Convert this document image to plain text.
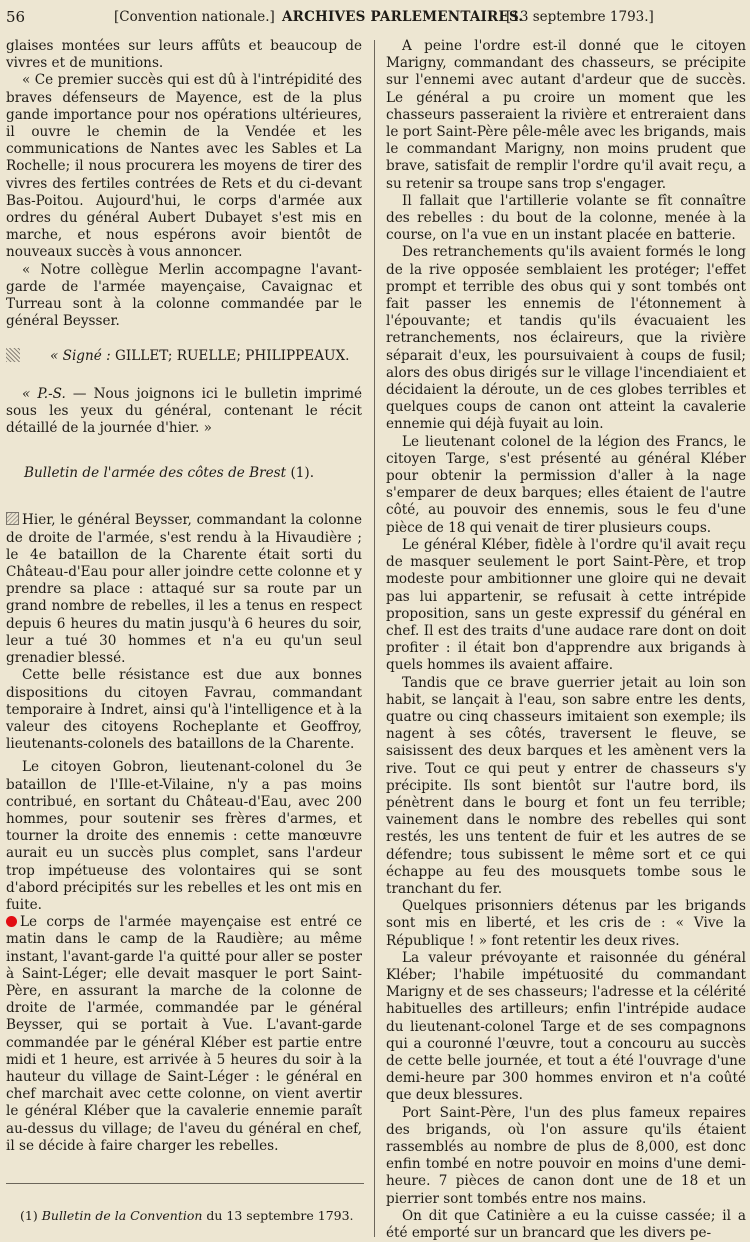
56	[Convention nationale.] ARCHIVES PARLEMENTAIRES.
[13 septembre 1793.]

glaises montées sur leurs affûts et beaucoup de vivres et de munitions.

« Ce premier succès qui est dû à l'intrépidité des braves défenseurs de Mayence, est de la plus gande importance pour nos opérations ultérieures, il ouvre le chemin de la Vendée et les communications de Nantes avec les Sables et La Rochelle; il nous procurera les moyens de tirer des vivres des fertiles contrées de Rets et du ci-devant Bas-Poitou. Aujourd'hui, le corps d'armée aux ordres du général Aubert Dubayet s'est mis en marche, et nous espérons avoir bientôt de nouveaux succès à vous annoncer.

« Notre collègue Merlin accompagne l'avant-garde de l'armée mayençaise, Cavaignac et Turreau sont à la colonne commandée par le général Beysser.

« Signé : GILLET; RUELLE; PHILIPPEAUX.

« P.-S. — Nous joignons ici le bulletin imprimé sous les yeux du général, contenant le récit détaillé de la journée d'hier. »

Bulletin de l'armée des côtes de Brest (1).

Hier, le général Beysser, commandant la colonne de droite de l'armée, s'est rendu à la Hivaudière ; le 4e bataillon de la Charente était sorti du Château-d'Eau pour aller joindre cette colonne et y prendre sa place : attaqué sur sa route par un grand nombre de rebelles, il les a tenus en respect depuis 6 heures du matin jusqu'à 6 heures du soir, leur a tué 30 hommes et n'a eu qu'un seul grenadier blessé.

Cette belle résistance est due aux bonnes dispositions du citoyen Favrau, commandant temporaire à Indret, ainsi qu'à l'intelligence et à la valeur des citoyens Rocheplante et Geoffroy, lieutenants-colonels des bataillons de la Charente.

Le citoyen Gobron, lieutenant-colonel du 3e bataillon de l'Ille-et-Vilaine, n'y a pas moins contribué, en sortant du Château-d'Eau, avec 200 hommes, pour soutenir ses frères d'armes, et tourner la droite des ennemis : cette manœuvre aurait eu un succès plus complet, sans l'ardeur trop impétueuse des volontaires qui se sont d'abord précipités sur les rebelles et les ont mis en fuite.

Le corps de l'armée mayençaise est entré ce matin dans le camp de la Raudière; au même instant, l'avant-garde l'a quitté pour aller se poster à Saint-Léger; elle devait masquer le port Saint-Père, en assurant la marche de la colonne de droite de l'armée, commandée par le général Beysser, qui se portait à Vue. L'avant-garde commandée par le général Kléber est partie entre midi et 1 heure, est arrivée à 5 heures du soir à la hauteur du village de Saint-Léger : le général en chef marchait avec cette colonne, on vient avertir le général Kléber que la cavalerie ennemie paraît au-dessus du village; de l'aveu du général en chef, il se décide à faire charger les rebelles.

A peine l'ordre est-il donné que le citoyen Marigny, commandant des chasseurs, se précipite sur l'ennemi avec autant d'ardeur que de succès. Le général a pu croire un moment que les chasseurs passeraient la rivière et entreraient dans le port Saint-Père pêle-mêle avec les brigands, mais le commandant Marigny, non moins prudent que brave, satisfait de remplir l'ordre qu'il avait reçu, a su retenir sa troupe sans trop s'engager.

Il fallait que l'artillerie volante se fît connaître des rebelles : du bout de la colonne, menée à la course, on l'a vue en un instant placée en batterie.

Des retranchements qu'ils avaient formés le long de la rive opposée semblaient les protéger; l'effet prompt et terrible des obus qui y sont tombés ont fait passer les ennemis de l'étonnement à l'épouvante; et tandis qu'ils évacuaient les retranchements, nos éclaireurs, que la rivière séparait d'eux, les poursuivaient à coups de fusil; alors des obus dirigés sur le village l'incendiaient et décidaient la déroute, un de ces globes terribles et quelques coups de canon ont atteint la cavalerie ennemie qui déjà fuyait au loin.

Le lieutenant colonel de la légion des Francs, le citoyen Targe, s'est présenté au général Kléber pour obtenir la permission d'aller à la nage s'emparer de deux barques; elles étaient de l'autre côté, au pouvoir des ennemis, sous le feu d'une pièce de 18 qui venait de tirer plusieurs coups.

Le général Kléber, fidèle à l'ordre qu'il avait reçu de masquer seulement le port Saint-Père, et trop modeste pour ambitionner une gloire qui ne devait pas lui appartenir, se refusait à cette intrépide proposition, sans un geste expressif du général en chef. Il est des traits d'une audace rare dont on doit profiter : il était bon d'apprendre aux brigands à quels hommes ils avaient affaire.

Tandis que ce brave guerrier jetait au loin son habit, se lançait à l'eau, son sabre entre les dents, quatre ou cinq chasseurs imitaient son exemple; ils nagent à ses côtés, traversent le fleuve, se saisissent des deux barques et les amènent vers la rive. Tout ce qui peut y entrer de chasseurs s'y précipite. Ils sont bientôt sur l'autre bord, ils pénètrent dans le bourg et font un feu terrible; vainement dans le nombre des rebelles qui sont restés, les uns tentent de fuir et les autres de se défendre; tous subissent le même sort et ce qui échappe au feu des mousquets tombe sous le tranchant du fer.

Quelques prisonniers détenus par les brigands sont mis en liberté, et les cris de : « Vive la République ! » font retentir les deux rives.

La valeur prévoyante et raisonnée du général Kléber; l'habile impétuosité du commandant Marigny et de ses chasseurs; l'adresse et la célérité habituelles des artilleurs; enfin l'intrépide audace du lieutenant-colonel Targe et de ses compagnons qui a couronné l'œuvre, tout a concouru au succès de cette belle journée, et tout a été l'ouvrage d'une demi-heure par 300 hommes environ et n'a coûté que deux blessures.

Port Saint-Père, l'un des plus fameux repaires des brigands, où l'on assure qu'ils étaient rassemblés au nombre de plus de 8,000, est donc enfin tombé en notre pouvoir en moins d'une demi-heure. 7 pièces de canon dont une de 18 et un pierrier sont tombés entre nos mains.

On dit que Catinière a eu la cuisse cassée; il a été emporté sur un brancard que les divers pe-

(1) Bulletin de la Convention du 13 septembre 1793.
